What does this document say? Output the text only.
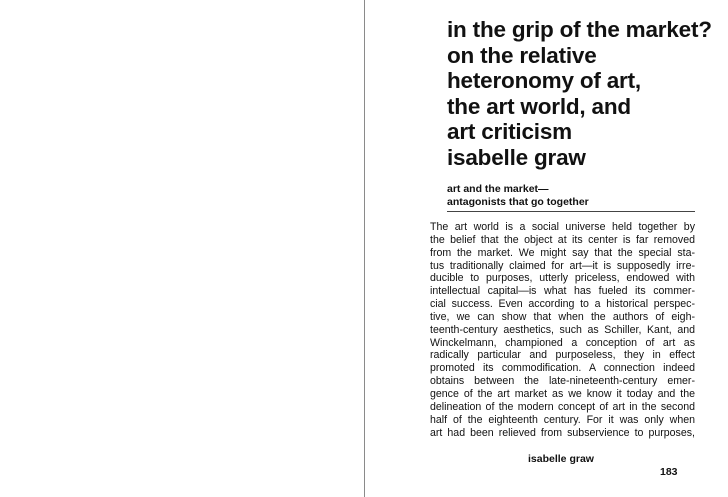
in the grip of the market?
on the relative
heteronomy of art,
the art world, and
art criticism
isabelle graw
art and the market—
antagonists that go together
The art world is a social universe held together by
the belief that the object at its center is far removed
from the market. We might say that the special sta-
tus traditionally claimed for art—it is supposedly irre-
ducible to purposes, utterly priceless, endowed with
intellectual capital—is what has fueled its commer-
cial success. Even according to a historical perspec-
tive, we can show that when the authors of eigh-
teenth-century aesthetics, such as Schiller, Kant, and
Winckelmann, championed a conception of art as
radically particular and purposeless, they in effect
promoted its commodification. A connection indeed
obtains between the late-nineteenth-century emer-
gence of the art market as we know it today and the
delineation of the modern concept of art in the second
half of the eighteenth century. For it was only when
art had been relieved from subservience to purposes,
isabelle graw
183
